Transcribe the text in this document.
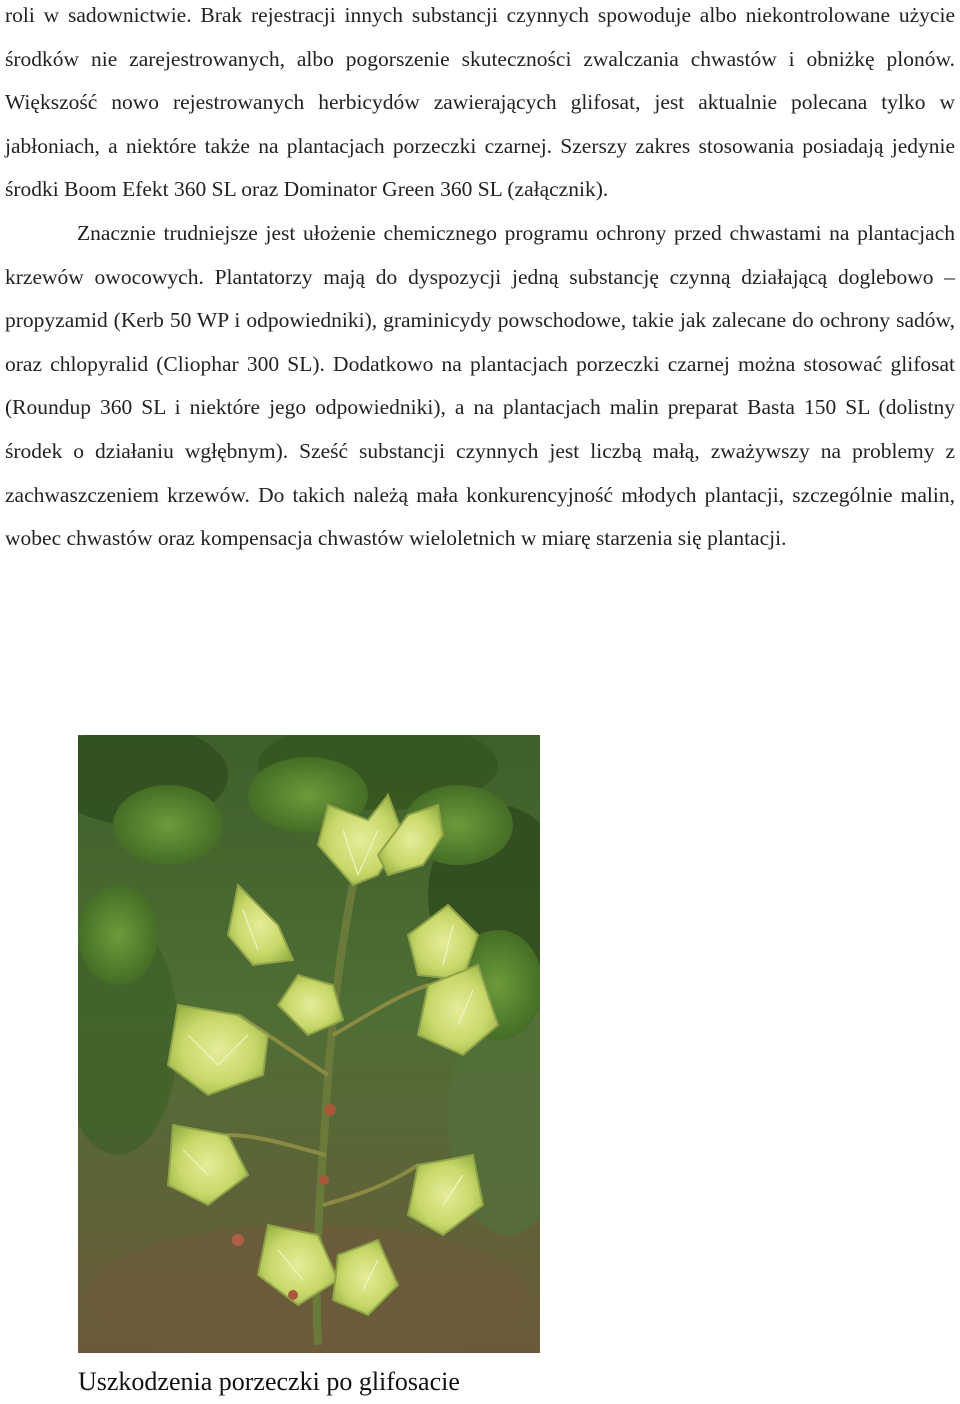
roli w sadownictwie. Brak rejestracji innych substancji czynnych spowoduje albo niekontrolowane użycie środków nie zarejestrowanych, albo pogorszenie skuteczności zwalczania chwastów i obniżkę plonów. Większość nowo rejestrowanych herbicydów zawierających glifosat, jest aktualnie polecana tylko w jabłoniach, a niektóre także na plantacjach porzeczki czarnej. Szerszy zakres stosowania posiadają jedynie środki Boom Efekt 360 SL oraz Dominator Green 360 SL (załącznik).

Znacznie trudniejsze jest ułożenie chemicznego programu ochrony przed chwastami na plantacjach krzewów owocowych. Plantatorzy mają do dyspozycji jedną substancję czynną działającą doglebowo – propyzamid (Kerb 50 WP i odpowiedniki), graminicydy powschodowe, takie jak zalecane do ochrony sadów, oraz chlopyralid (Cliophar 300 SL). Dodatkowo na plantacjach porzeczki czarnej można stosować glifosat (Roundup 360 SL i niektóre jego odpowiedniki), a na plantacjach malin preparat Basta 150 SL (dolistny środek o działaniu wgłębnym). Sześć substancji czynnych jest liczbą małą, zważywszy na problemy z zachwaszczeniem krzewów. Do takich należą mała konkurencyjność młodych plantacji, szczególnie malin, wobec chwastów oraz kompensacja chwastów wieloletnich w miarę starzenia się plantacji.

Uszkodzenia porzeczki po glifosacie
